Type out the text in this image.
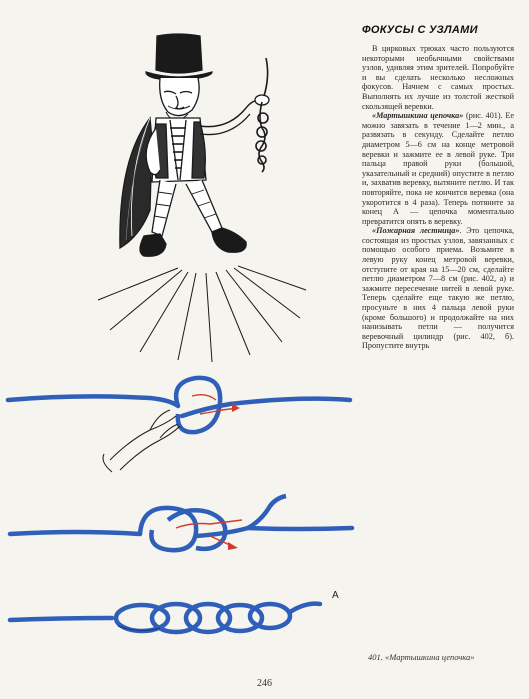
ФОКУСЫ С УЗЛАМИ

В цирковых трюках часто пользуются некоторыми необычными свойствами узлов, удивляя этим зрителей. Попробуйте и вы сделать несколько несложных фокусов. Начнем с самых простых. Выполнять их лучше из толстой жесткой скользящей веревки.

«Мартышкина цепочка» (рис. 401). Ее можно завязать в течение 1—2 мин., а развязать в секунду. Сделайте петлю диаметром 5—6 см на конце метровой веревки и зажмите ее в левой руке. Три пальца правой руки (большой, указательный и средний) опустите в петлю и, захватив веревку, вытяните петлю. И так повторяйте, пока не кончится веревка (она укоротится в 4 раза). Теперь потяните за конец А — цепочка моментально превратится опять в веревку.

«Пожарная лестница». Это цепочка, состоящая из простых узлов, завязанных с помощью особого приема. Возьмите в левую руку конец метровой веревки, отступите от края на 15—20 см, сделайте петлю диаметром 7—8 см (рис. 402, а) и зажмите пересечение нитей в левой руке. Теперь сделайте еще такую же петлю, просуньте в них 4 пальца левой руки (кроме большого) и продолжайте на них нанизывать петли — получится веревочный цилиндр (рис. 402, б). Пропустите внутрь

А
401. «Мартышкина цепочка»
246
